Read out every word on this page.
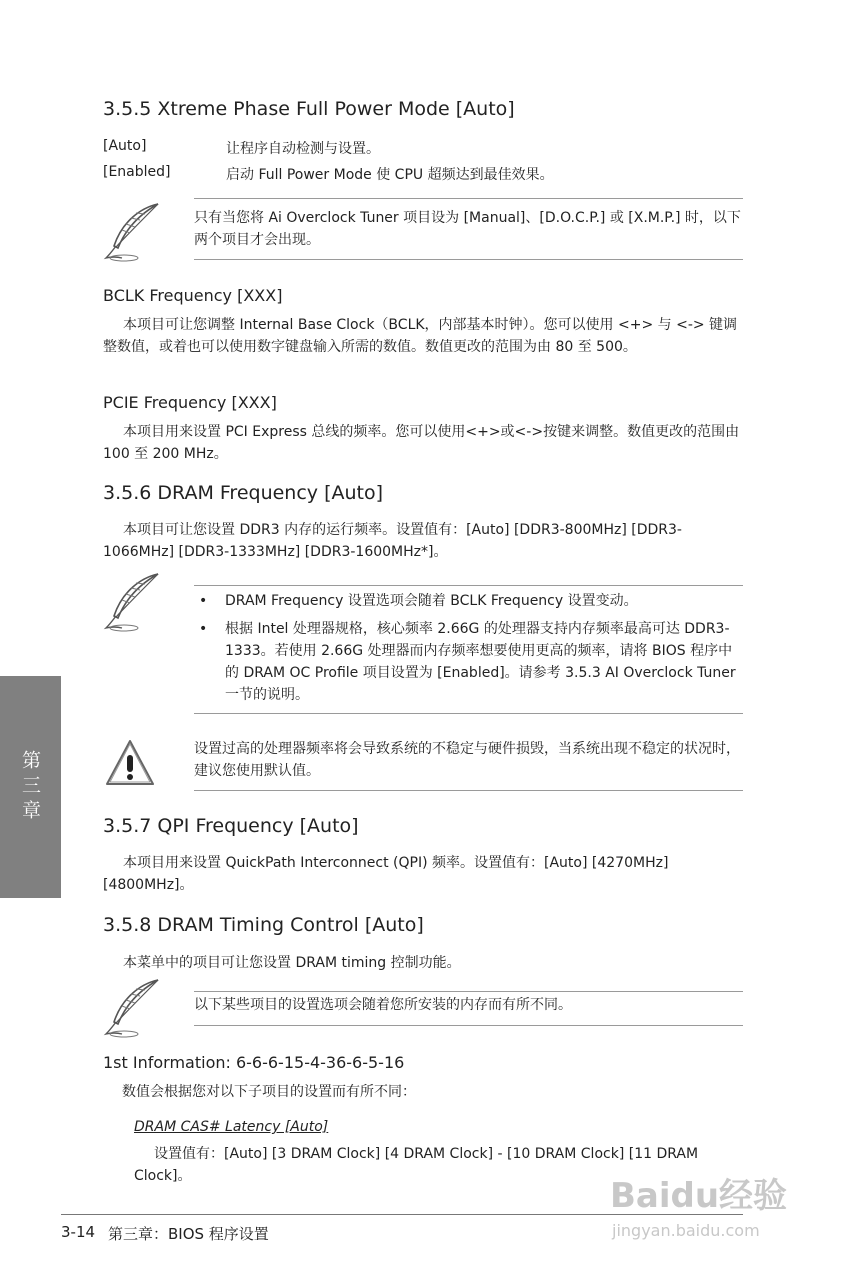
3.5.5 Xtreme Phase Full Power Mode [Auto]
[Auto]	让程序自动检测与设置。
[Enabled]	启动 Full Power Mode 使 CPU 超频达到最佳效果。
只有当您将 Ai Overclock Tuner 项目设为 [Manual]、[D.O.C.P.] 或 [X.M.P.] 时，以下两个项目才会出现。
BCLK Frequency [XXX]
本项目可让您调整 Internal Base Clock（BCLK，内部基本时钟）。您可以使用 <+> 与 <-> 键调整数值，或着也可以使用数字键盘输入所需的数值。数值更改的范围为由 80 至 500。
PCIE Frequency [XXX]
本项目用来设置 PCI Express 总线的频率。您可以使用<+>或<->按键来调整。数值更改的范围由 100 至 200 MHz。
3.5.6 DRAM Frequency [Auto]
本项目可让您设置 DDR3 内存的运行频率。设置值有：[Auto] [DDR3-800MHz] [DDR3-1066MHz] [DDR3-1333MHz] [DDR3-1600MHz*]。
• DRAM Frequency 设置选项会随着 BCLK Frequency 设置变动。
• 根据 Intel 处理器规格，核心频率 2.66G 的处理器支持内存频率最高可达 DDR3-1333。若使用 2.66G 处理器而内存频率想要使用更高的频率，请将 BIOS 程序中的 DRAM OC Profile 项目设置为 [Enabled]。请参考 3.5.3 AI Overclock Tuner 一节的说明。
设置过高的处理器频率将会导致系统的不稳定与硬件损毁，当系统出现不稳定的状况时，建议您使用默认值。
3.5.7 QPI Frequency [Auto]
本项目用来设置 QuickPath Interconnect (QPI) 频率。设置值有：[Auto] [4270MHz] [4800MHz]。
3.5.8 DRAM Timing Control [Auto]
本菜单中的项目可让您设置 DRAM timing 控制功能。
以下某些项目的设置选项会随着您所安装的内存而有所不同。
1st Information: 6-6-6-15-4-36-6-5-16
数值会根据您对以下子项目的设置而有所不同：
DRAM CAS# Latency [Auto]
设置值有：[Auto] [3 DRAM Clock] [4 DRAM Clock] - [10 DRAM Clock] [11 DRAM Clock]。
第三章
3-14 第三章：BIOS 程序设置
Baidu经验
jingyan.baidu.com
